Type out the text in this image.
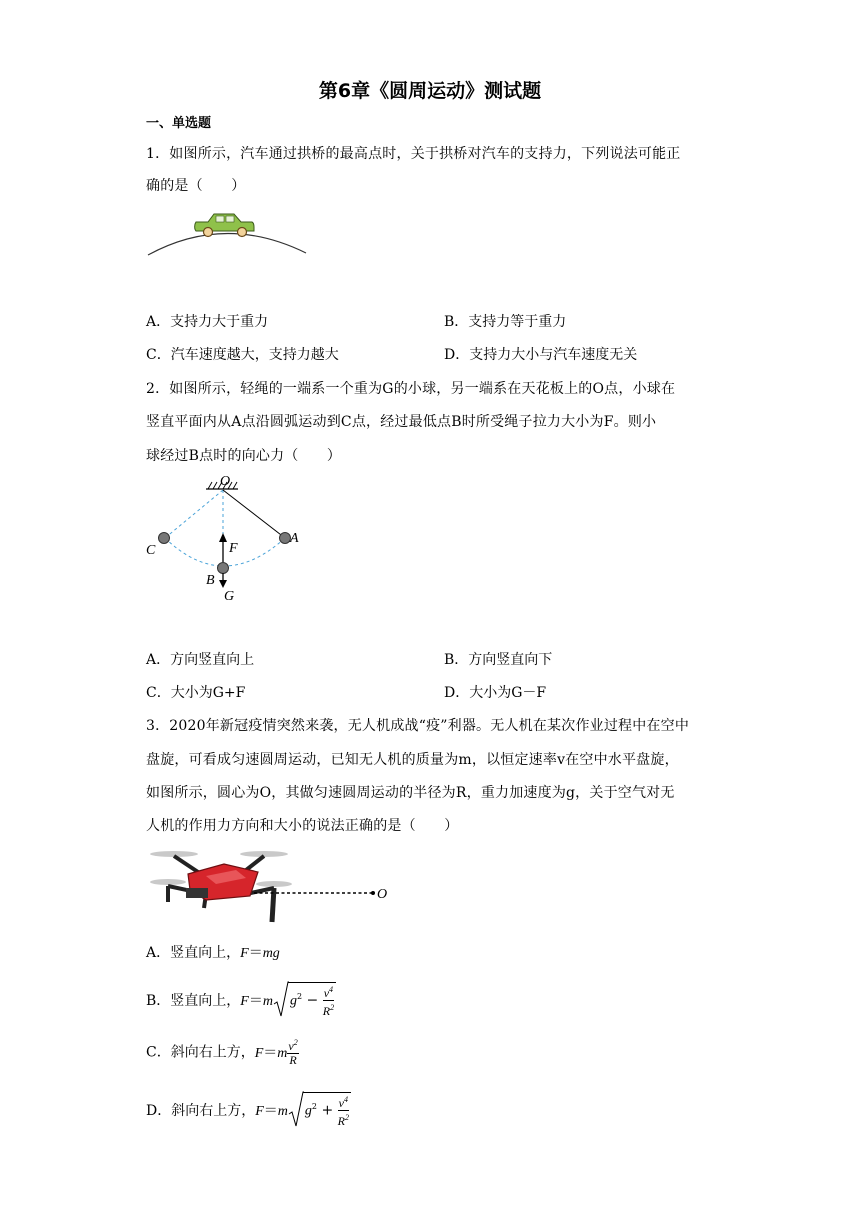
第6章《圆周运动》测试题
一、单选题
1．如图所示，汽车通过拱桥的最高点时，关于拱桥对汽车的支持力，下列说法可能正
确的是（　　）
A．支持力大于重力	B．支持力等于重力
C．汽车速度越大，支持力越大	D．支持力大小与汽车速度无关
2．如图所示，轻绳的一端系一个重为G的小球，另一端系在天花板上的O点，小球在
竖直平面内从A点沿圆弧运动到C点，经过最低点B时所受绳子拉力大小为F。则小
球经过B点时的向心力（　　）
O
A
C	F
B
G
A．方向竖直向上	B．方向竖直向下
C．大小为G+F	D．大小为G－F
3．2020年新冠疫情突然来袭，无人机成战“疫”利器。无人机在某次作业过程中在空中
盘旋，可看成匀速圆周运动，已知无人机的质量为m，以恒定速率v在空中水平盘旋，
如图所示，圆心为O，其做匀速圆周运动的半径为R，重力加速度为g，关于空气对无
人机的作用力方向和大小的说法正确的是（　　）
O
A．竖直向上，F＝mg
B．竖直向上，F＝m $g^2 - \frac{v^4}{R^2}$
C．斜向右上方，$F=m \frac{v^2}{R}$
D．斜向右上方，F＝m $g^2 + \frac{v^4}{R^2}$
